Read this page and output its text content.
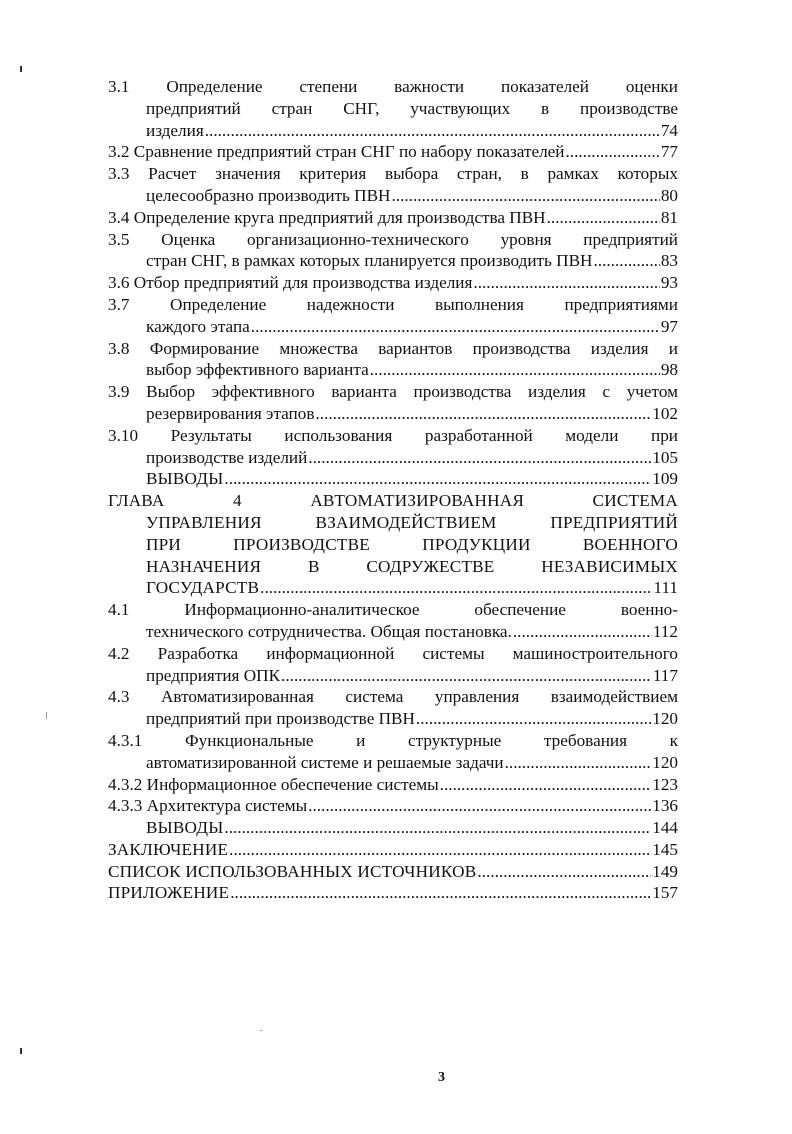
3.1 Определение степени важности показателей оценки
предприятий стран СНГ, участвующих в производстве
изделия .....	74
3.2 Сравнение предприятий стран СНГ по набору показателей .....	77
3.3 Расчет значения критерия выбора стран, в рамках которых
целесообразно производить ПВН .....	80
3.4 Определение круга предприятий для производства ПВН .....	81
3.5 Оценка организационно-технического уровня предприятий
стран СНГ, в рамках которых планируется производить ПВН .....	83
3.6 Отбор предприятий для производства изделия .....	93
3.7 Определение надежности выполнения предприятиями
каждого этапа .....	97
3.8 Формирование множества вариантов производства изделия и
выбор эффективного варианта .....	98
3.9 Выбор эффективного варианта производства изделия с учетом
резервирования этапов .....	102
3.10 Результаты использования разработанной модели при
производстве изделий .....	105
ВЫВОДЫ .....	109
ГЛАВА 4 АВТОМАТИЗИРОВАННАЯ СИСТЕМА
УПРАВЛЕНИЯ ВЗАИМОДЕЙСТВИЕМ ПРЕДПРИЯТИЙ
ПРИ ПРОИЗВОДСТВЕ ПРОДУКЦИИ ВОЕННОГО
НАЗНАЧЕНИЯ В СОДРУЖЕСТВЕ НЕЗАВИСИМЫХ
ГОСУДАРСТВ .....	111
4.1 Информационно-аналитическое обеспечение военно-
технического сотрудничества. Общая постановка. .....	112
4.2 Разработка информационной системы машиностроительного
предприятия ОПК .....	117
4.3 Автоматизированная система управления взаимодействием
предприятий при производстве ПВН .....	120
4.3.1 Функциональные и структурные требования к
автоматизированной системе и решаемые задачи .....	120
4.3.2 Информационное обеспечение системы .....	123
4.3.3 Архитектура системы .....	136
ВЫВОДЫ .....	144
ЗАКЛЮЧЕНИЕ .....	145
СПИСОК ИСПОЛЬЗОВАННЫХ ИСТОЧНИКОВ .....	149
ПРИЛОЖЕНИЕ .....	157
3
